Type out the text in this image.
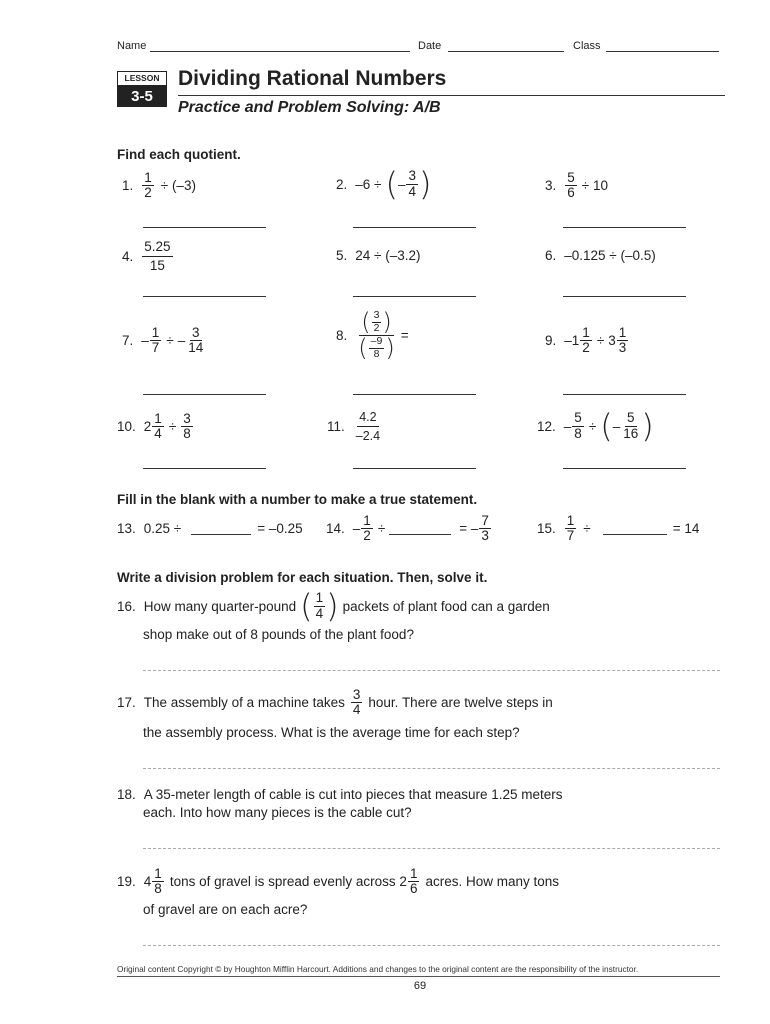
Name	Date	Class
LESSON
3-5
Dividing Rational Numbers
Practice and Problem Solving: A/B
Find each quotient.
1. $\frac{1}{2} \div (-3)$	2. –6 ÷ ( – $\frac{3}{4}$ )	3. $\frac{5}{6} \div 10$
4. $\frac{5.25}{15}$	5. 24 ÷ (–3.2)	6. –0.125 ÷ (–0.5)
7. – $\frac{1}{7}$ ÷ – $\frac{3}{14}$	8. $\frac{( \frac{3}{2} )}{( \frac{-9}{8} )}$ =	9. – $1 \frac{1}{2} \div 3 \frac{1}{3}$
10. $2 \frac{1}{4} \div \frac{3}{8}$	11. $\frac{4.2}{-2.4}$	12. – $\frac{5}{8}$ ÷ ( – $\frac{5}{16}$ )
Fill in the blank with a number to make a true statement.
13. 0.25 ÷	= –0.25 14. – $\frac{1}{2}$ ÷	= – $\frac{7}{3}$	15. $\frac{1}{7}$ ÷	= 14
Write a division problem for each situation. Then, solve it.
16. How many quarter-pound ( $\frac{1}{4}$ ) packets of plant food can a garden
shop make out of 8 pounds of the plant food?
17. The assembly of a machine takes $\frac{3}{4}$ hour. There are twelve steps in
the assembly process. What is the average time for each step?
18. A 35-meter length of cable is cut into pieces that measure 1.25 meters
each. Into how many pieces is the cable cut?
19. $4 \frac{1}{8}$ tons of gravel is spread evenly across $2 \frac{1}{6}$ acres. How many tons
of gravel are on each acre?
Original content Copyright © by Houghton Mifflin Harcourt. Additions and changes to the original content are the responsibility of the instructor.
69
